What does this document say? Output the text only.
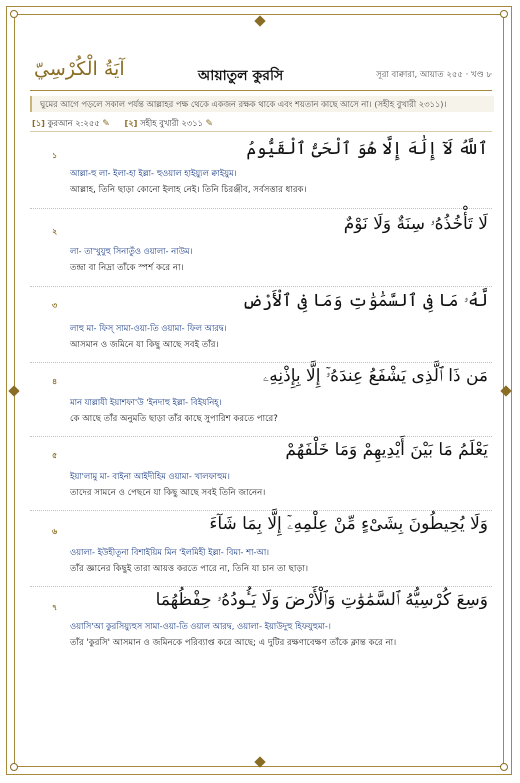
آيَةُ الْكُرْسِيّ	আয়াতুল কুরসি	সূরা বাক্বারা, আয়াত ২৫৫ · খণ্ড ৮
ঘুমের আগে পড়লে সকাল পর্যন্ত আল্লাহর পক্ষ থেকে একজন রক্ষক থাকে এবং শয়তান কাছে আসে না। (সহীহ বুখারী ২৩১১)।
[১] কুরআন ২:২৫৫ ✎ [২] সহীহ বুখারী ২৩১১ ✎
১	ٱللَّهُ لَآ إِلَٰهَ إِلَّا هُوَ ٱلْحَىُّ ٱلْقَيُّومُ
আল্লা-হু লা- ইলা-হা ইল্লা- হুওয়াল হাইয়্যুল ক্বাইয়ুম।
আল্লাহ, তিনি ছাড়া কোনো ইলাহ নেই। তিনি চিরঞ্জীব, সর্বসত্তার ধারক।
২	لَا تَأْخُذُهُۥ سِنَةٌ وَلَا نَوْمٌ
লা- তা'খুযুহু সিনাতুঁও ওয়ালা- নাউম।
তন্দ্রা বা নিদ্রা তাঁকে স্পর্শ করে না।
৩	لَّهُۥ مَا فِى ٱلسَّمَٰوَٰتِ وَمَا فِى ٱلْأَرْضِ
লাহু মা- ফিস্ সামা-ওয়া-তি ওয়ামা- ফিল আরদ্ব।
আসমান ও জমিনে যা কিছু আছে সবই তাঁর।
৪	مَن ذَا ٱلَّذِى يَشْفَعُ عِندَهُۥٓ إِلَّا بِإِذْنِهِۦ
মান যাল্লাযী ইয়াশফা'উ 'ইনদাহু ইল্লা- বিইযনিহ্।
কে আছে তাঁর অনুমতি ছাড়া তাঁর কাছে সুপারিশ করতে পারে?
৫	يَعْلَمُ مَا بَيْنَ أَيْدِيهِمْ وَمَا خَلْفَهُمْ
ইয়া'লামু মা- বাইনা আইদীহিম ওয়ামা- খালফাহুম।
তাদের সামনে ও পেছনে যা কিছু আছে সবই তিনি জানেন।
৬	وَلَا يُحِيطُونَ بِشَىْءٍ مِّنْ عِلْمِهِۦٓ إِلَّا بِمَا شَآءَ
ওয়ালা- ইউহীতূনা বিশাইয়িম মিন 'ইলমিহী ইল্লা- বিমা- শা-আ।
তাঁর জ্ঞানের কিছুই তারা আয়ত্ত করতে পারে না, তিনি যা চান তা ছাড়া।
৭	وَسِعَ كُرْسِيُّهُ ٱلسَّمَٰوَٰتِ وَٱلْأَرْضَ وَلَا يَـُٔودُهُۥ حِفْظُهُمَا
ওয়াসি'আ কুরসিয়্যুহুস সামা-ওয়া-তি ওয়াল আরদ্ব, ওয়ালা- ইয়াউদুহু হিফযুহুমা-।
তাঁর 'কুরসি' আসমান ও জমিনকে পরিব্যাপ্ত করে আছে; এ দুটির রক্ষণাবেক্ষণ তাঁকে ক্লান্ত করে না।
